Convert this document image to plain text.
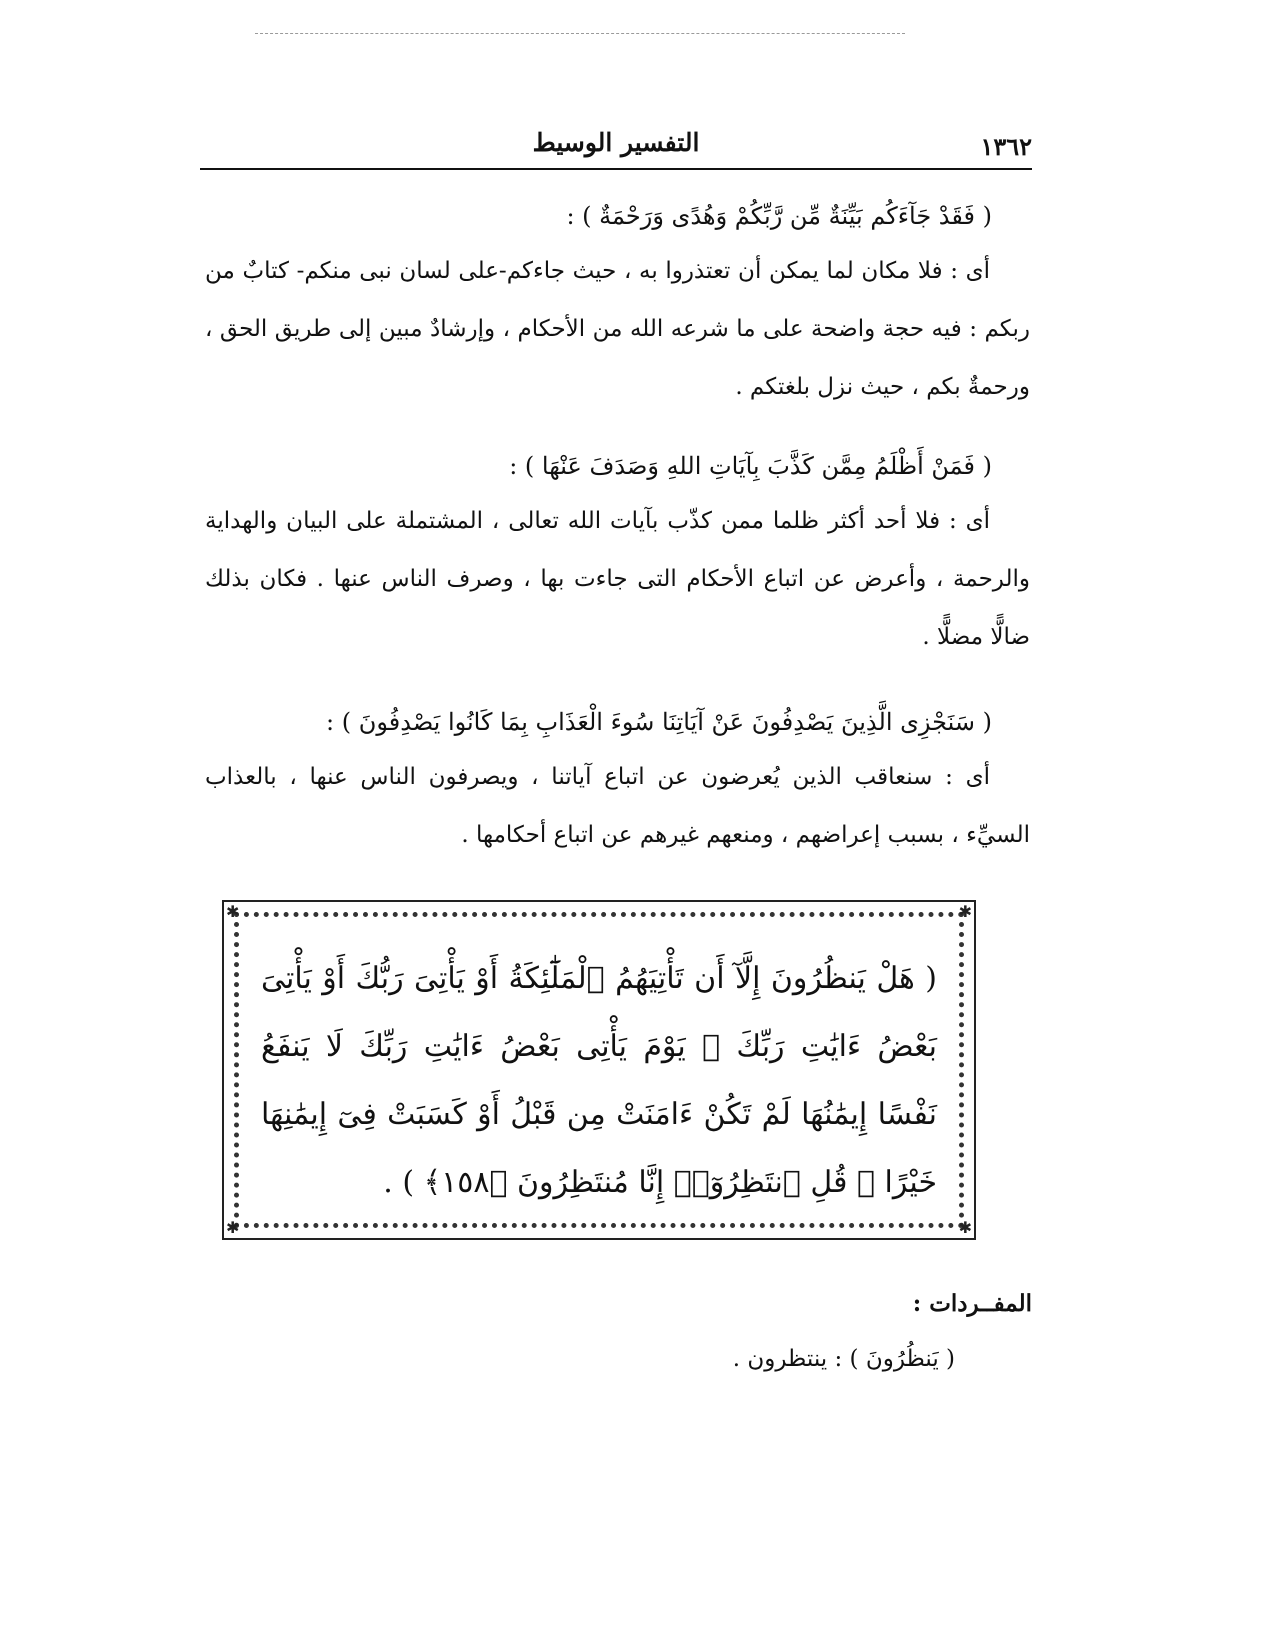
١٣٦٢
التفسير الوسيط

( فَقَدْ جَآءَكُم بَيِّنَةٌ مِّن رَّبِّكُمْ وَهُدًى وَرَحْمَةٌ ) :

أى : فلا مكان لما يمكن أن تعتذروا به ، حيث جاءكم-على لسان نبى منكم- كتابٌ من ربكم : فيه حجة واضحة على ما شرعه الله من الأحكام ، وإرشادٌ مبين إلى طريق الحق ، ورحمةٌ بكم ، حيث نزل بلغتكم .

( فَمَنْ أَظْلَمُ مِمَّن كَذَّبَ بِآيَاتِ اللهِ وَصَدَفَ عَنْهَا ) :

أى : فلا أحد أكثر ظلما ممن كذّب بآيات الله تعالى ، المشتملة على البيان والهداية والرحمة ، وأعرض عن اتباع الأحكام التى جاءت بها ، وصرف الناس عنها . فكان بذلك ضالًّا مضلًّا .

( سَنَجْزِى الَّذِينَ يَصْدِفُونَ عَنْ آيَاتِنَا سُوءَ الْعَذَابِ بِمَا كَانُوا يَصْدِفُونَ ) :

أى : سنعاقب الذين يُعرضون عن اتباع آياتنا ، ويصرفون الناس عنها ، بالعذاب السيِّء ، بسبب إعراضهم ، ومنعهم غيرهم عن اتباع أحكامها .

✱	✱
✱	✱
( هَلْ يَنظُرُونَ إِلَّآ أَن تَأْتِيَهُمُ ٱلْمَلَٰٓئِكَةُ أَوْ يَأْتِىَ رَبُّكَ أَوْ يَأْتِىَ بَعْضُ ءَايَٰتِ رَبِّكَ ۗ يَوْمَ يَأْتِى بَعْضُ ءَايَٰتِ رَبِّكَ لَا يَنفَعُ نَفْسًا إِيمَٰنُهَا لَمْ تَكُنْ ءَامَنَتْ مِن قَبْلُ أَوْ كَسَبَتْ فِىٓ إِيمَٰنِهَا خَيْرًا ۗ قُلِ ٱنتَظِرُوٓا۟ إِنَّا مُنتَظِرُونَ ﴿١٥٨﴾ ) .
المفــردات :
( يَنظُرُونَ ) : ينتظرون .
